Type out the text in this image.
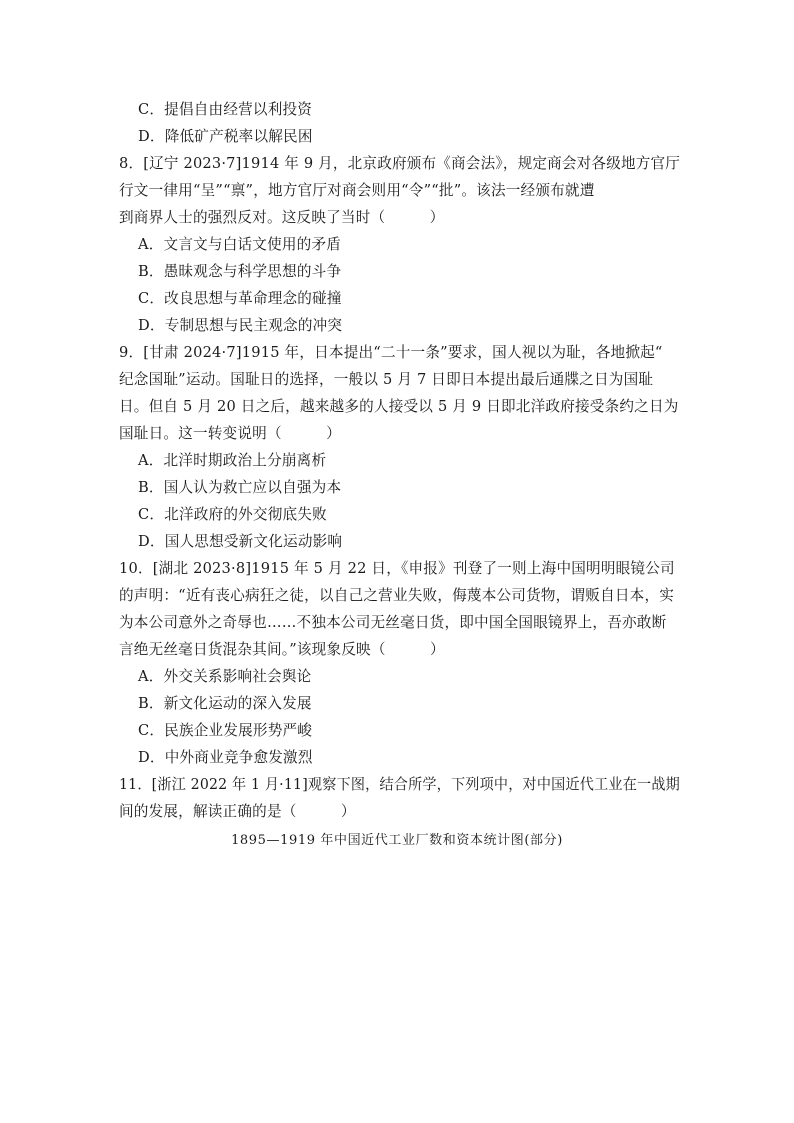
C．提倡自由经营以利投资
D．降低矿产税率以解民困
8．[辽宁 2023·7]1914 年 9 月，北京政府颁布《商会法》，规定商会对各级地方官厅
行文一律用“呈”“禀”，地方官厅对商会则用“令”“批”。该法一经颁布就遭
到商界人士的强烈反对。这反映了当时（　　　）
A．文言文与白话文使用的矛盾
B．愚昧观念与科学思想的斗争
C．改良思想与革命理念的碰撞
D．专制思想与民主观念的冲突
9．[甘肃 2024·7]1915 年，日本提出“二十一条”要求，国人视以为耻，各地掀起“
纪念国耻”运动。国耻日的选择，一般以 5 月 7 日即日本提出最后通牒之日为国耻
日。但自 5 月 20 日之后，越来越多的人接受以 5 月 9 日即北洋政府接受条约之日为
国耻日。这一转变说明（　　　）
A．北洋时期政治上分崩离析
B．国人认为救亡应以自强为本
C．北洋政府的外交彻底失败
D．国人思想受新文化运动影响
10．[湖北 2023·8]1915 年 5 月 22 日，《申报》刊登了一则上海中国明明眼镜公司
的声明：“近有丧心病狂之徒，以自己之营业失败，侮蔑本公司货物，谓贩自日本，实
为本公司意外之奇辱也……不独本公司无丝毫日货，即中国全国眼镜界上，吾亦敢断
言绝无丝毫日货混杂其间。”该现象反映（　　　）
A．外交关系影响社会舆论
B．新文化运动的深入发展
C．民族企业发展形势严峻
D．中外商业竞争愈发激烈
11．[浙江 2022 年 1 月·11]观察下图，结合所学，下列项中，对中国近代工业在一战期
间的发展，解读正确的是（　　　）
1895—1919 年中国近代工业厂数和资本统计图(部分)
